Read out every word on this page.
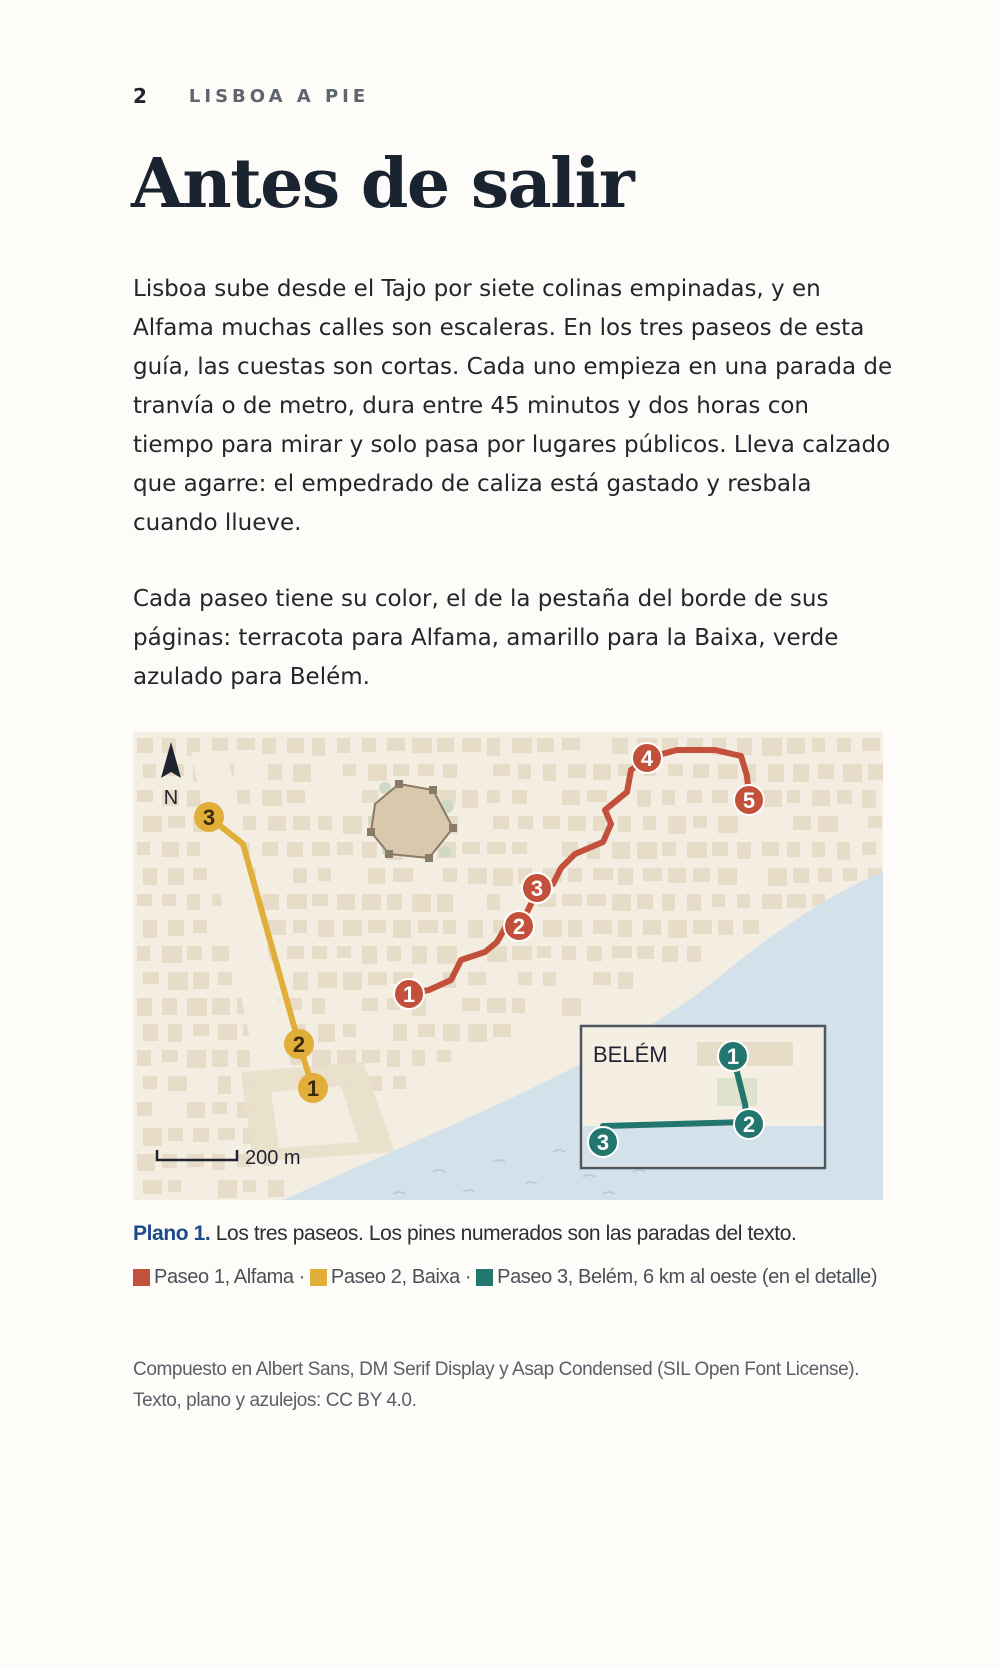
2 LISBOA A PIE
Antes de salir

Lisboa sube desde el Tajo por siete colinas empinadas, y en Alfama muchas calles son escaleras. En los tres paseos de esta guía, las cuestas son cortas. Cada uno empieza en una parada de tranvía o de metro, dura entre 45 minutos y dos horas con tiempo para mirar y solo pasa por lugares públicos. Lleva calzado que agarre: el empedrado de caliza está gastado y resbala cuando llueve.

Cada paseo tiene su color, el de la pestaña del borde de sus páginas: terracota para Alfama, amarillo para la Baixa, verde azulado para Belém.

N
200 m
1
2
3
1
2
3
4
5
BELÉM	1
2
3

Plano 1. Los tres paseos. Los pines numerados son las paradas del texto.

Paseo 1, Alfama · Paseo 2, Baixa · Paseo 3, Belém, 6 km al oeste (en el detalle)

Compuesto en Albert Sans, DM Serif Display y Asap Condensed (SIL Open Font License).
Texto, plano y azulejos: CC BY 4.0.
